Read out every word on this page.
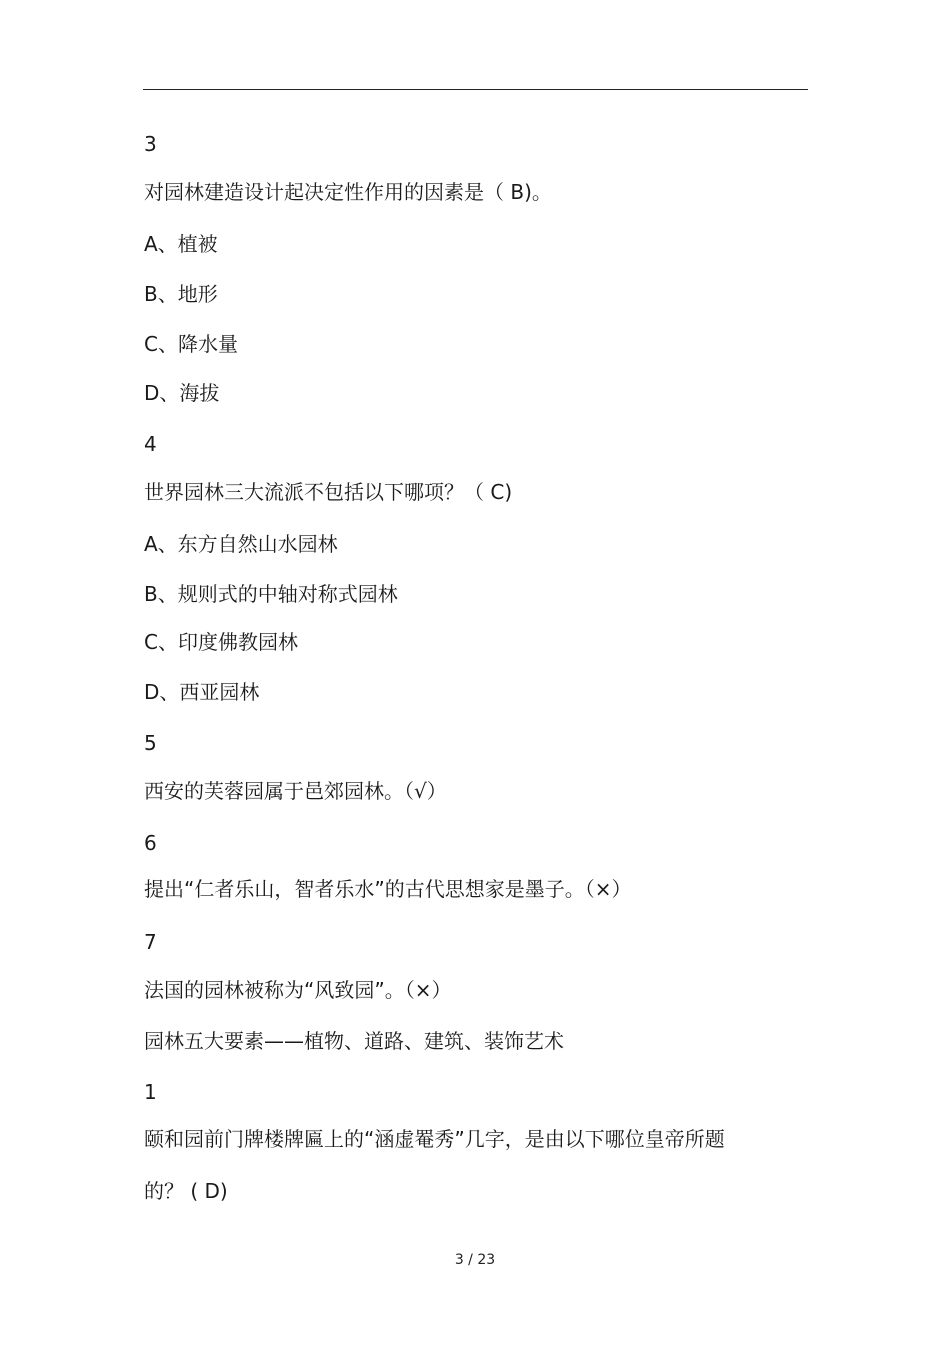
3
对园林建造设计起决定性作用的因素是（ B)。
A、植被
B、地形
C、降水量
D、海拔
4
世界园林三大流派不包括以下哪项？（ C)
A、东方自然山水园林
B、规则式的中轴对称式园林
C、印度佛教园林
D、西亚园林
5
西安的芙蓉园属于邑郊园林。（√）
6
提出“仁者乐山，智者乐水”的古代思想家是墨子。（×）
7
法国的园林被称为“风致园”。（×）
园林五大要素——植物、道路、建筑、装饰艺术
1
颐和园前门牌楼牌匾上的“涵虚罨秀”几字，是由以下哪位皇帝所题
的？ ( D)
3 / 23
